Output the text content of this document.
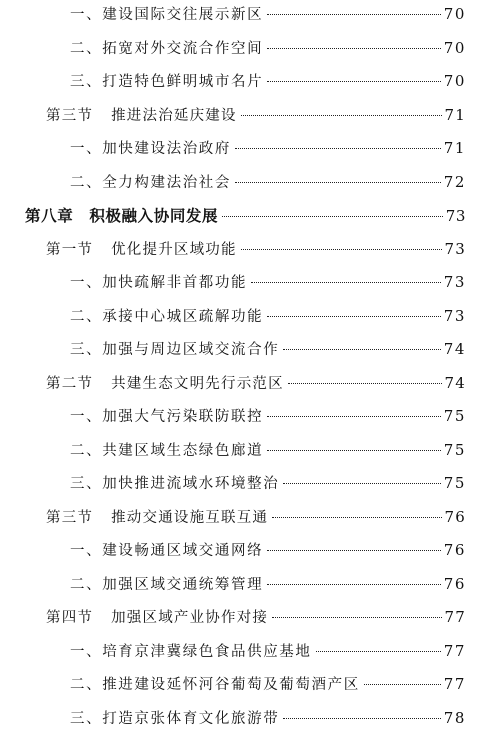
一、建设国际交往展示新区	70
二、拓宽对外交流合作空间	70
三、打造特色鲜明城市名片	70
第三节 推进法治延庆建设	71
一、加快建设法治政府	71
二、全力构建法治社会	72
第八章 积极融入协同发展	73
第一节 优化提升区域功能	73
一、加快疏解非首都功能	73
二、承接中心城区疏解功能	73
三、加强与周边区域交流合作	74
第二节 共建生态文明先行示范区	74
一、加强大气污染联防联控	75
二、共建区域生态绿色廊道	75
三、加快推进流域水环境整治	75
第三节 推动交通设施互联互通	76
一、建设畅通区域交通网络	76
二、加强区域交通统筹管理	76
第四节 加强区域产业协作对接	77
一、培育京津冀绿色食品供应基地	77
二、推进建设延怀河谷葡萄及葡萄酒产区	77
三、打造京张体育文化旅游带	78
